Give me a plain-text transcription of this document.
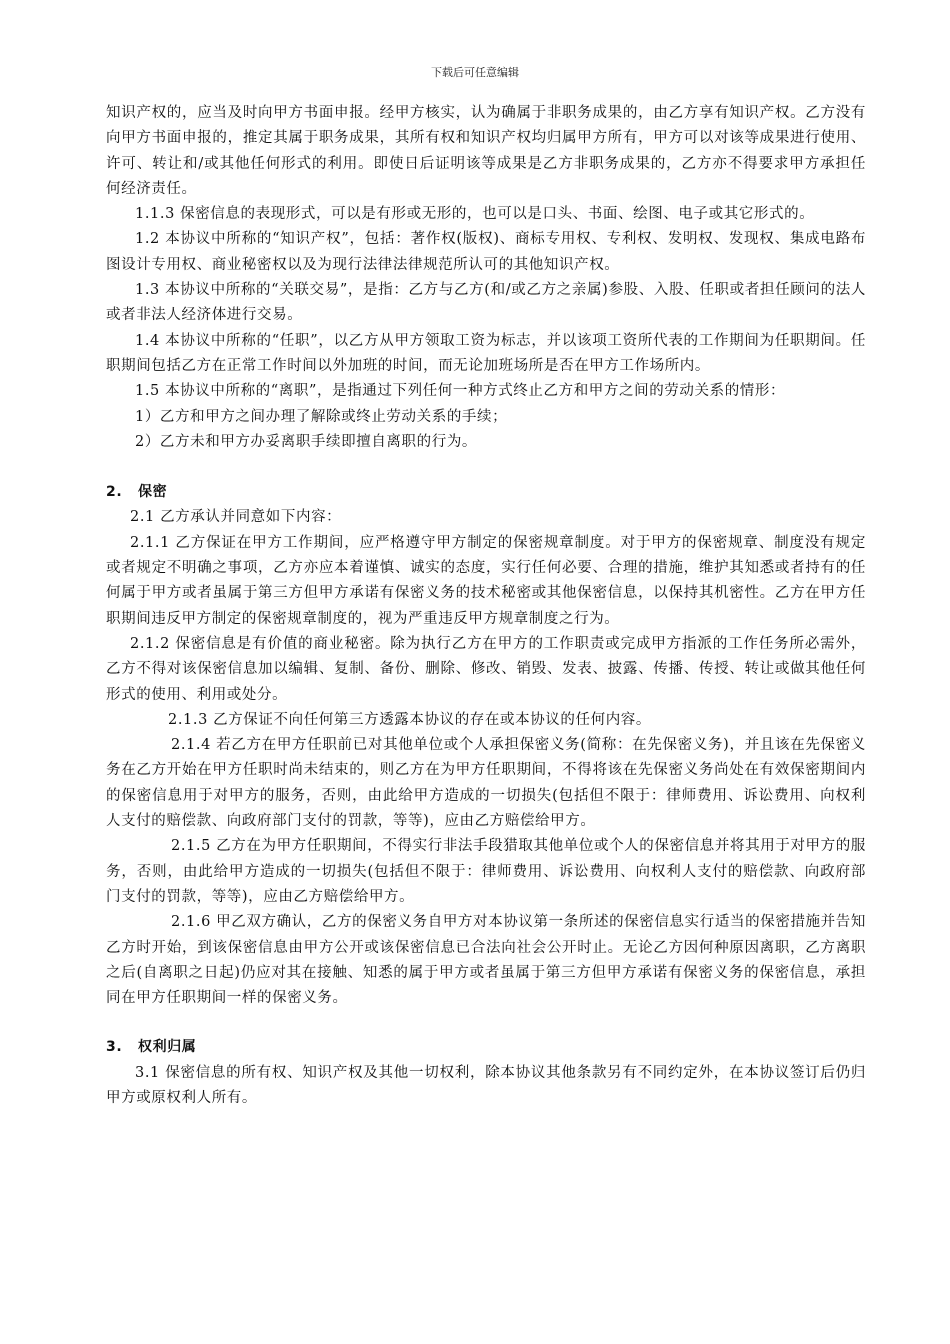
下载后可任意编辑

知识产权的，应当及时向甲方书面申报。经甲方核实，认为确属于非职务成果的，由乙方享有知识产权。乙方没有向甲方书面申报的，推定其属于职务成果，其所有权和知识产权均归属甲方所有，甲方可以对该等成果进行使用、许可、转让和/或其他任何形式的利用。即使日后证明该等成果是乙方非职务成果的，乙方亦不得要求甲方承担任何经济责任。

1.1.3 保密信息的表现形式，可以是有形或无形的，也可以是口头、书面、绘图、电子或其它形式的。

1.2 本协议中所称的“知识产权”，包括：著作权(版权)、商标专用权、专利权、发明权、发现权、集成电路布图设计专用权、商业秘密权以及为现行法律法律规范所认可的其他知识产权。

1.3 本协议中所称的“关联交易”，是指：乙方与乙方(和/或乙方之亲属)参股、入股、任职或者担任顾问的法人或者非法人经济体进行交易。

1.4 本协议中所称的“任职”，以乙方从甲方领取工资为标志，并以该项工资所代表的工作期间为任职期间。任职期间包括乙方在正常工作时间以外加班的时间，而无论加班场所是否在甲方工作场所内。

1.5 本协议中所称的“离职”，是指通过下列任何一种方式终止乙方和甲方之间的劳动关系的情形：

1）乙方和甲方之间办理了解除或终止劳动关系的手续；

2）乙方未和甲方办妥离职手续即擅自离职的行为。

2. 保密

2.1 乙方承认并同意如下内容：

2.1.1 乙方保证在甲方工作期间，应严格遵守甲方制定的保密规章制度。对于甲方的保密规章、制度没有规定或者规定不明确之事项，乙方亦应本着谨慎、诚实的态度，实行任何必要、合理的措施，维护其知悉或者持有的任何属于甲方或者虽属于第三方但甲方承诺有保密义务的技术秘密或其他保密信息，以保持其机密性。乙方在甲方任职期间违反甲方制定的保密规章制度的，视为严重违反甲方规章制度之行为。

2.1.2 保密信息是有价值的商业秘密。除为执行乙方在甲方的工作职责或完成甲方指派的工作任务所必需外，乙方不得对该保密信息加以编辑、复制、备份、删除、修改、销毁、发表、披露、传播、传授、转让或做其他任何形式的使用、利用或处分。

2.1.3 乙方保证不向任何第三方透露本协议的存在或本协议的任何内容。

2.1.4 若乙方在甲方任职前已对其他单位或个人承担保密义务(简称：在先保密义务)，并且该在先保密义务在乙方开始在甲方任职时尚未结束的，则乙方在为甲方任职期间，不得将该在先保密义务尚处在有效保密期间内的保密信息用于对甲方的服务，否则，由此给甲方造成的一切损失(包括但不限于：律师费用、诉讼费用、向权利人支付的赔偿款、向政府部门支付的罚款，等等)，应由乙方赔偿给甲方。

2.1.5 乙方在为甲方任职期间，不得实行非法手段猎取其他单位或个人的保密信息并将其用于对甲方的服务，否则，由此给甲方造成的一切损失(包括但不限于：律师费用、诉讼费用、向权利人支付的赔偿款、向政府部门支付的罚款，等等)，应由乙方赔偿给甲方。

2.1.6 甲乙双方确认，乙方的保密义务自甲方对本协议第一条所述的保密信息实行适当的保密措施并告知乙方时开始，到该保密信息由甲方公开或该保密信息已合法向社会公开时止。无论乙方因何种原因离职，乙方离职之后(自离职之日起)仍应对其在接触、知悉的属于甲方或者虽属于第三方但甲方承诺有保密义务的保密信息，承担同在甲方任职期间一样的保密义务。

3. 权利归属

3.1 保密信息的所有权、知识产权及其他一切权利，除本协议其他条款另有不同约定外，在本协议签订后仍归甲方或原权利人所有。
